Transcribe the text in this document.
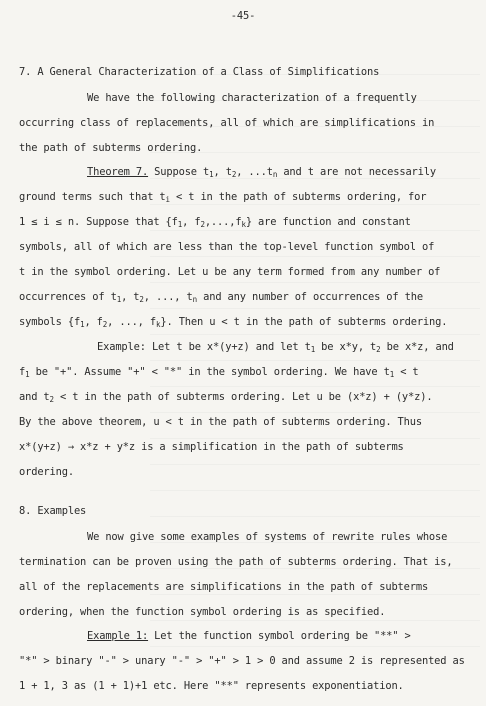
-45-
7. A General Characterization of a Class of Simplifications
We have the following characterization of a frequently
occurring class of replacements, all of which are simplifications in
the path of subterms ordering.
Theorem 7. Suppose $t_1$, $t_2$, $...t_n$ and t are not necessarily
ground terms such that $t_i < t$ in the path of subterms ordering, for
1 ≤ i ≤ n. Suppose that {$f_1$, $f_2,...,f_k$} are function and constant
symbols, all of which are less than the top-level function symbol of
t in the symbol ordering. Let u be any term formed from any number of
occurrences of $t_1$, $t_2$, ..., $t_n$ and any number of occurrences of the
symbols {$f_1$, $f_2$, ..., $f_k$}. Then u < t in the path of subterms ordering.
Example: Let t be x*(y+z) and let $t_1$ be x*y, $t_2$ be x*z, and
$f_1$ be "+". Assume "+" < "*" in the symbol ordering. We have $t_1 < t$
and $t_2 < t$ in the path of subterms ordering. Let u be (x*z) + (y*z).
By the above theorem, u < t in the path of subterms ordering. Thus
x*(y+z) → x*z + y*z is a simplification in the path of subterms
ordering.
8. Examples
We now give some examples of systems of rewrite rules whose
termination can be proven using the path of subterms ordering. That is,
all of the replacements are simplifications in the path of subterms
ordering, when the function symbol ordering is as specified.
Example 1: Let the function symbol ordering be "**" >
"*" > binary "-" > unary "-" > "+" > 1 > 0 and assume 2 is represented as
1 + 1, 3 as (1 + 1)+1 etc. Here "**" represents exponentiation.
